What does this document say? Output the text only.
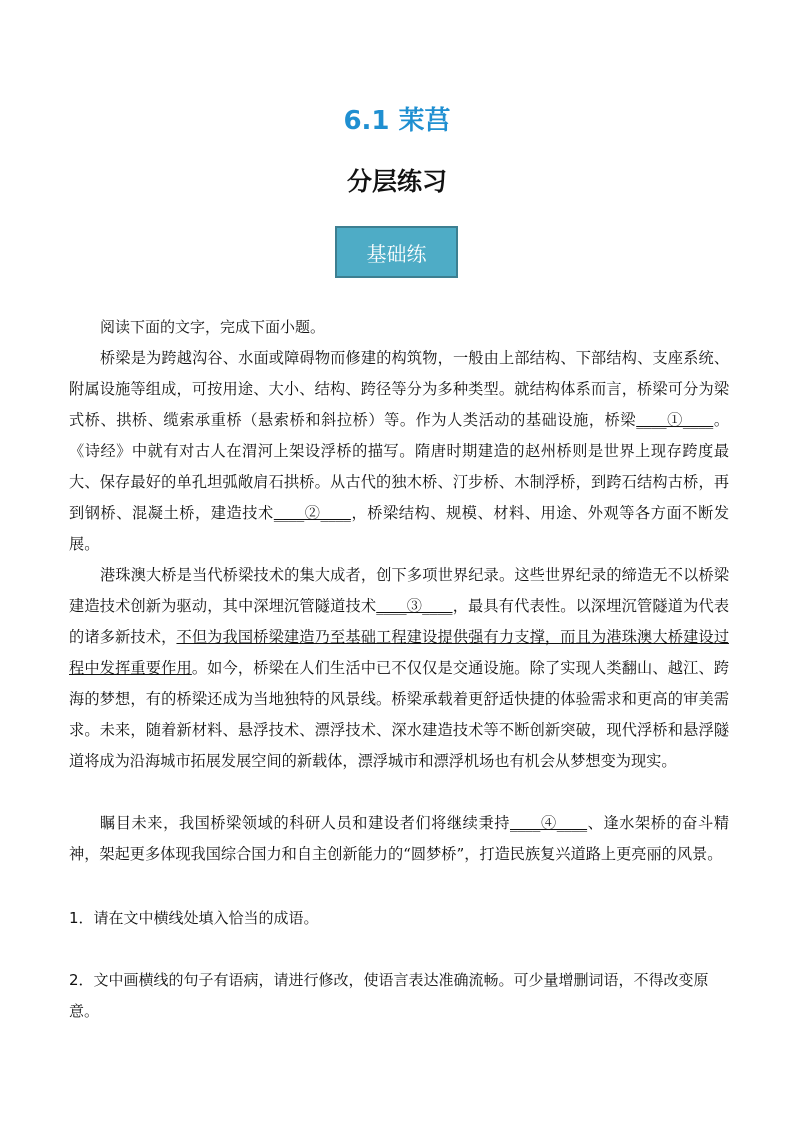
6.1 茉莒
分层练习
基础练
阅读下面的文字，完成下面小题。
桥梁是为跨越沟谷、水面或障碍物而修建的构筑物，一般由上部结构、下部结构、支座系统、附属设施等组成，可按用途、大小、结构、跨径等分为多种类型。就结构体系而言，桥梁可分为梁式桥、拱桥、缆索承重桥（悬索桥和斜拉桥）等。作为人类活动的基础设施，桥梁____①____。《诗经》中就有对古人在渭河上架设浮桥的描写。隋唐时期建造的赵州桥则是世界上现存跨度最大、保存最好的单孔坦弧敞肩石拱桥。从古代的独木桥、汀步桥、木制浮桥，到跨石结构古桥，再到钢桥、混凝土桥，建造技术____②____，桥梁结构、规模、材料、用途、外观等各方面不断发展。
港珠澳大桥是当代桥梁技术的集大成者，创下多项世界纪录。这些世界纪录的缔造无不以桥梁建造技术创新为驱动，其中深埋沉管隧道技术____③____，最具有代表性。以深埋沉管隧道为代表的诸多新技术，不但为我国桥梁建造乃至基础工程建设提供强有力支撑，而且为港珠澳大桥建设过程中发挥重要作用。如今，桥梁在人们生活中已不仅仅是交通设施。除了实现人类翻山、越江、跨海的梦想，有的桥梁还成为当地独特的风景线。桥梁承载着更舒适快捷的体验需求和更高的审美需求。未来，随着新材料、悬浮技术、漂浮技术、深水建造技术等不断创新突破，现代浮桥和悬浮隧道将成为沿海城市拓展发展空间的新载体，漂浮城市和漂浮机场也有机会从梦想变为现实。
瞩目未来，我国桥梁领域的科研人员和建设者们将继续秉持____④____、逢水架桥的奋斗精神，架起更多体现我国综合国力和自主创新能力的“圆梦桥”，打造民族复兴道路上更亮丽的风景。
1．请在文中横线处填入恰当的成语。
2．文中画横线的句子有语病，请进行修改，使语言表达准确流畅。可少量增删词语，不得改变原意。
